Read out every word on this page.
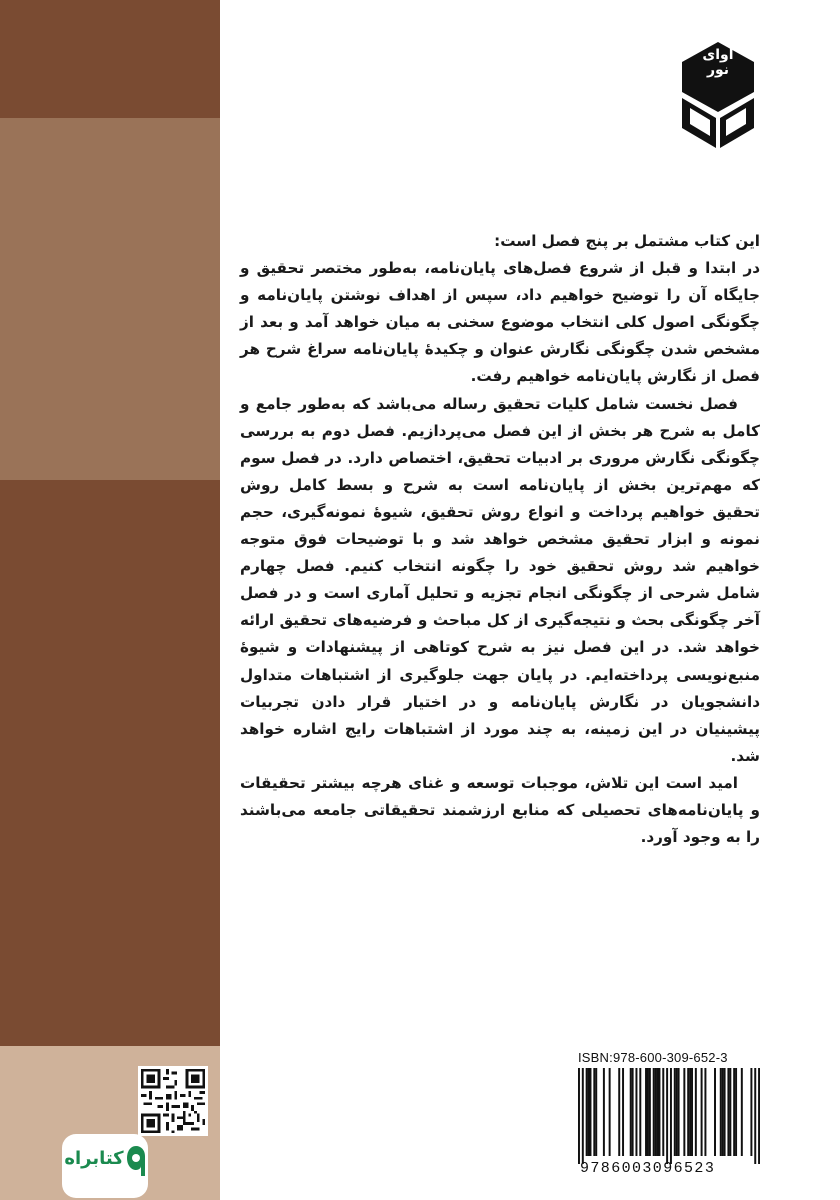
آوای
نور

این کتاب مشتمل بر پنج فصل است:

در ابتدا و قبل از شروع فصل‌های پایان‌نامه، به‌طور مختصر تحقیق و جایگاه آن را توضیح خواهیم داد، سپس از اهداف نوشتن پایان‌نامه و چگونگی اصول کلی انتخاب موضوع سخنی به میان خواهد آمد و بعد از مشخص شدن چگونگی نگارش عنوان و چکیدهٔ پایان‌نامه سراغ شرح هر فصل از نگارش پایان‌نامه خواهیم رفت.

فصل نخست شامل کلیات تحقیق رساله می‌باشد که به‌طور جامع و کامل به شرح هر بخش از این فصل می‌پردازیم. فصل دوم به بررسی چگونگی نگارش مروری بر ادبیات تحقیق، اختصاص دارد. در فصل سوم که مهم‌ترین بخش از پایان‌نامه است به شرح و بسط کامل روش تحقیق خواهیم پرداخت و انواع روش تحقیق، شیوهٔ نمونه‌گیری، حجم نمونه و ابزار تحقیق مشخص خواهد شد و با توضیحات فوق متوجه خواهیم شد روش تحقیق خود را چگونه انتخاب کنیم. فصل چهارم شامل شرحی از چگونگی انجام تجزیه و تحلیل آماری است و در فصل آخر چگونگی بحث و نتیجه‌گیری از کل مباحث و فرضیه‌های تحقیق ارائه خواهد شد. در این فصل نیز به شرح کوتاهی از پیشنهادات و شیوهٔ منبع‌نویسی پرداخته‌ایم. در پایان جهت جلوگیری از اشتباهات متداول دانشجویان در نگارش پایان‌نامه و در اختیار قرار دادن تجربیات پیشینیان در این زمینه، به چند مورد از اشتباهات رایج اشاره خواهد شد.

امید است این تلاش، موجبات توسعه و غنای هرچه بیشتر تحقیقات و پایان‌نامه‌های تحصیلی که منابع ارزشمند تحقیقاتی جامعه می‌باشند را به وجود آورد.

کتابراه
ISBN:978-600-309-652-3
9786003096523
